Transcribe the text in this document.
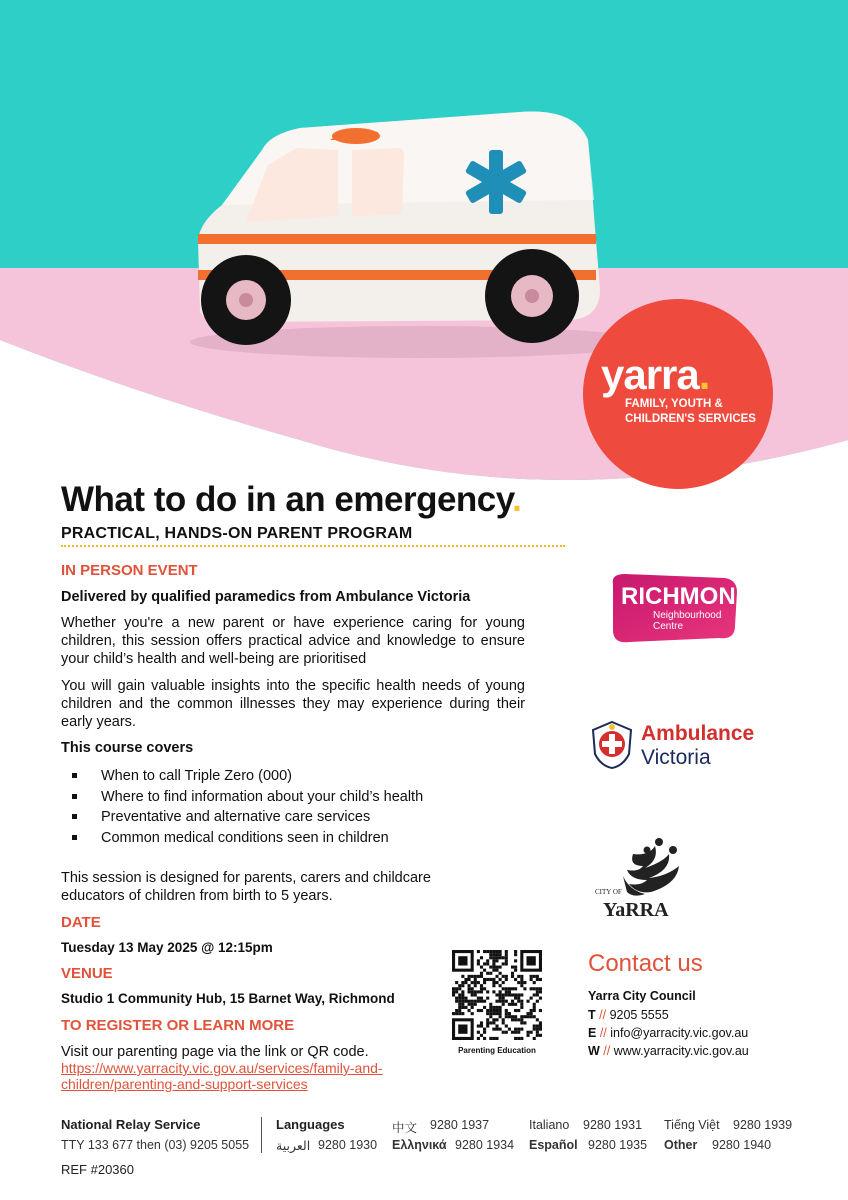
yarra.
FAMILY, YOUTH &
CHILDREN'S SERVICES
What to do in an emergency.
PRACTICAL, HANDS-ON PARENT PROGRAM
IN PERSON EVENT
Delivered by qualified paramedics from Ambulance Victoria
Whether you're a new parent or have experience caring for young children, this session offers practical advice and knowledge to ensure your child’s health and well-being are prioritised
You will gain valuable insights into the specific health needs of young children and the common illnesses they may experience during their early years.
This course covers
When to call Triple Zero (000)
Where to find information about your child’s health
Preventative and alternative care services
Common medical conditions seen in children
This session is designed for parents, carers and childcare educators of children from birth to 5 years.
DATE
Tuesday 13 May 2025 @ 12:15pm
VENUE
Studio 1 Community Hub, 15 Barnet Way, Richmond
TO REGISTER OR LEARN MORE
Visit our parenting page via the link or QR code.
https://www.yarracity.vic.gov.au/services/family-and-children/parenting-and-support-services
Parenting Education
RICHMOND
Neighbourhood
Centre
Ambulance
Victoria
CITY OF
YaRRA
Contact us
Yarra City Council
T // 9205 5555
E // info@yarracity.vic.gov.au
W // www.yarracity.vic.gov.au
National Relay Service
TTY 133 677 then (03) 9205 5055
Languages	中文 9280 1937	Italiano 9280 1931 Tiếng Việt 9280 1939
العربية 9280 1930 Ελληνικά 9280 1934 Español 9280 1935 Other 9280 1940
REF #20360
